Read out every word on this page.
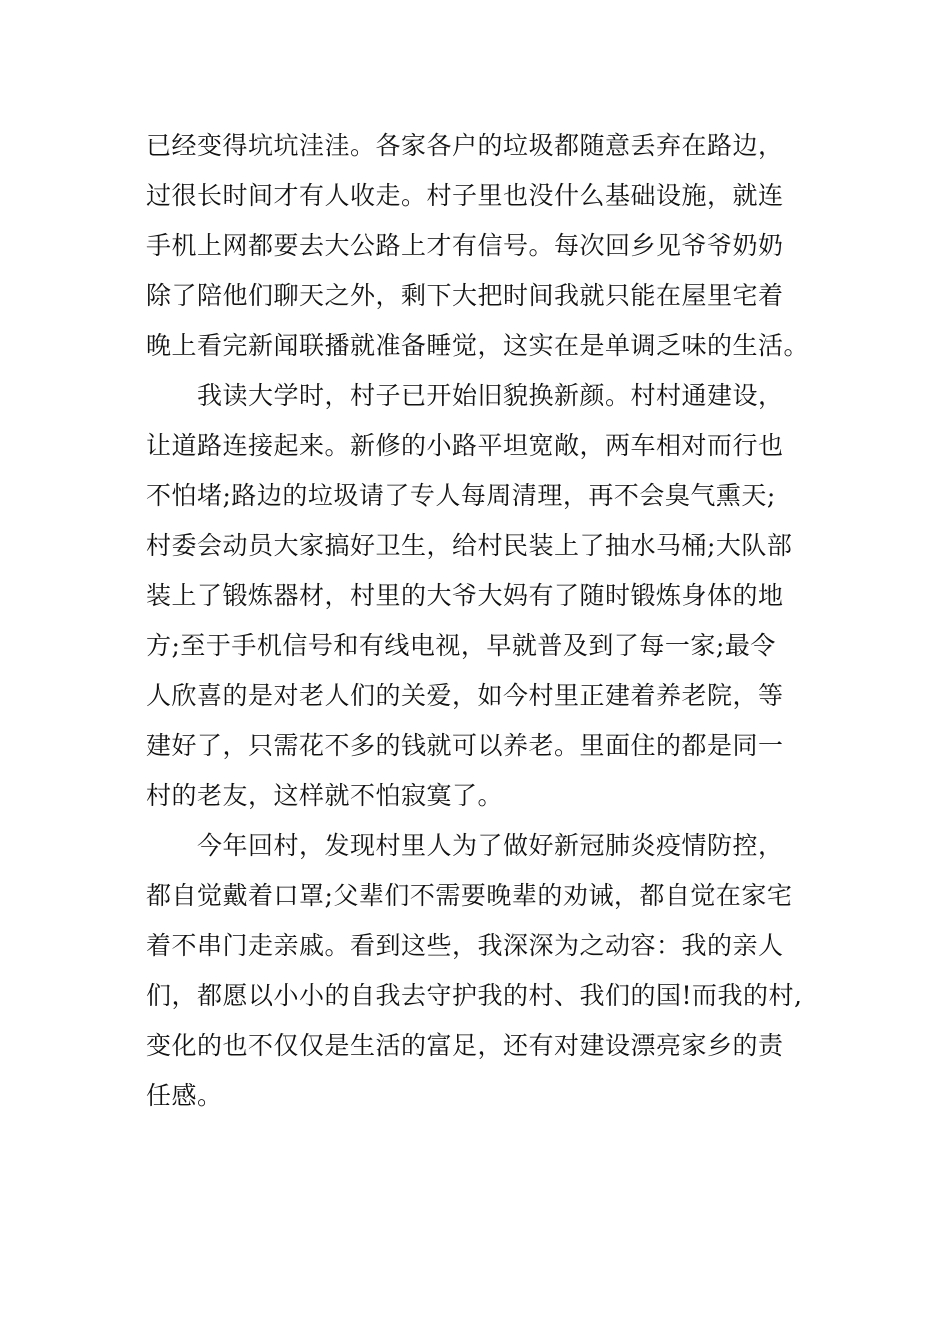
已经变得坑坑洼洼。各家各户的垃圾都随意丢弃在路边，
过很长时间才有人收走。村子里也没什么基础设施，就连
手机上网都要去大公路上才有信号。每次回乡见爷爷奶奶
除了陪他们聊天之外，剩下大把时间我就只能在屋里宅着
晚上看完新闻联播就准备睡觉，这实在是单调乏味的生活。
我读大学时，村子已开始旧貌换新颜。村村通建设，
让道路连接起来。新修的小路平坦宽敞，两车相对而行也
不怕堵;路边的垃圾请了专人每周清理，再不会臭气熏天;
村委会动员大家搞好卫生，给村民装上了抽水马桶;大队部
装上了锻炼器材，村里的大爷大妈有了随时锻炼身体的地
方;至于手机信号和有线电视，早就普及到了每一家;最令
人欣喜的是对老人们的关爱，如今村里正建着养老院，等
建好了，只需花不多的钱就可以养老。里面住的都是同一
村的老友，这样就不怕寂寞了。
今年回村，发现村里人为了做好新冠肺炎疫情防控，
都自觉戴着口罩;父辈们不需要晚辈的劝诫，都自觉在家宅
着不串门走亲戚。看到这些，我深深为之动容：我的亲人
们，都愿以小小的自我去守护我的村、我们的国!而我的村,
变化的也不仅仅是生活的富足，还有对建设漂亮家乡的责
任感。
